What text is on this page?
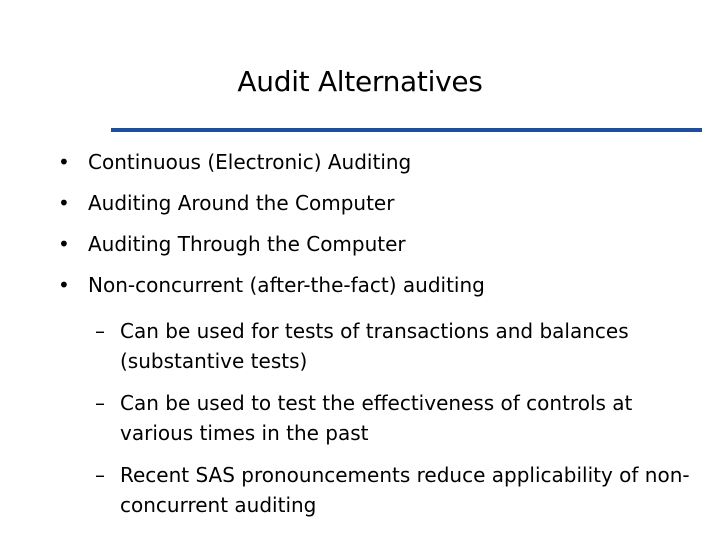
Audit Alternatives
• Continuous (Electronic) Auditing
• Auditing Around the Computer
• Auditing Through the Computer
• Non-concurrent (after-the-fact) auditing
– Can be used for tests of transactions and balances (substantive tests)
– Can be used to test the effectiveness of controls at various times in the past
– Recent SAS pronouncements reduce applicability of non-concurrent auditing
